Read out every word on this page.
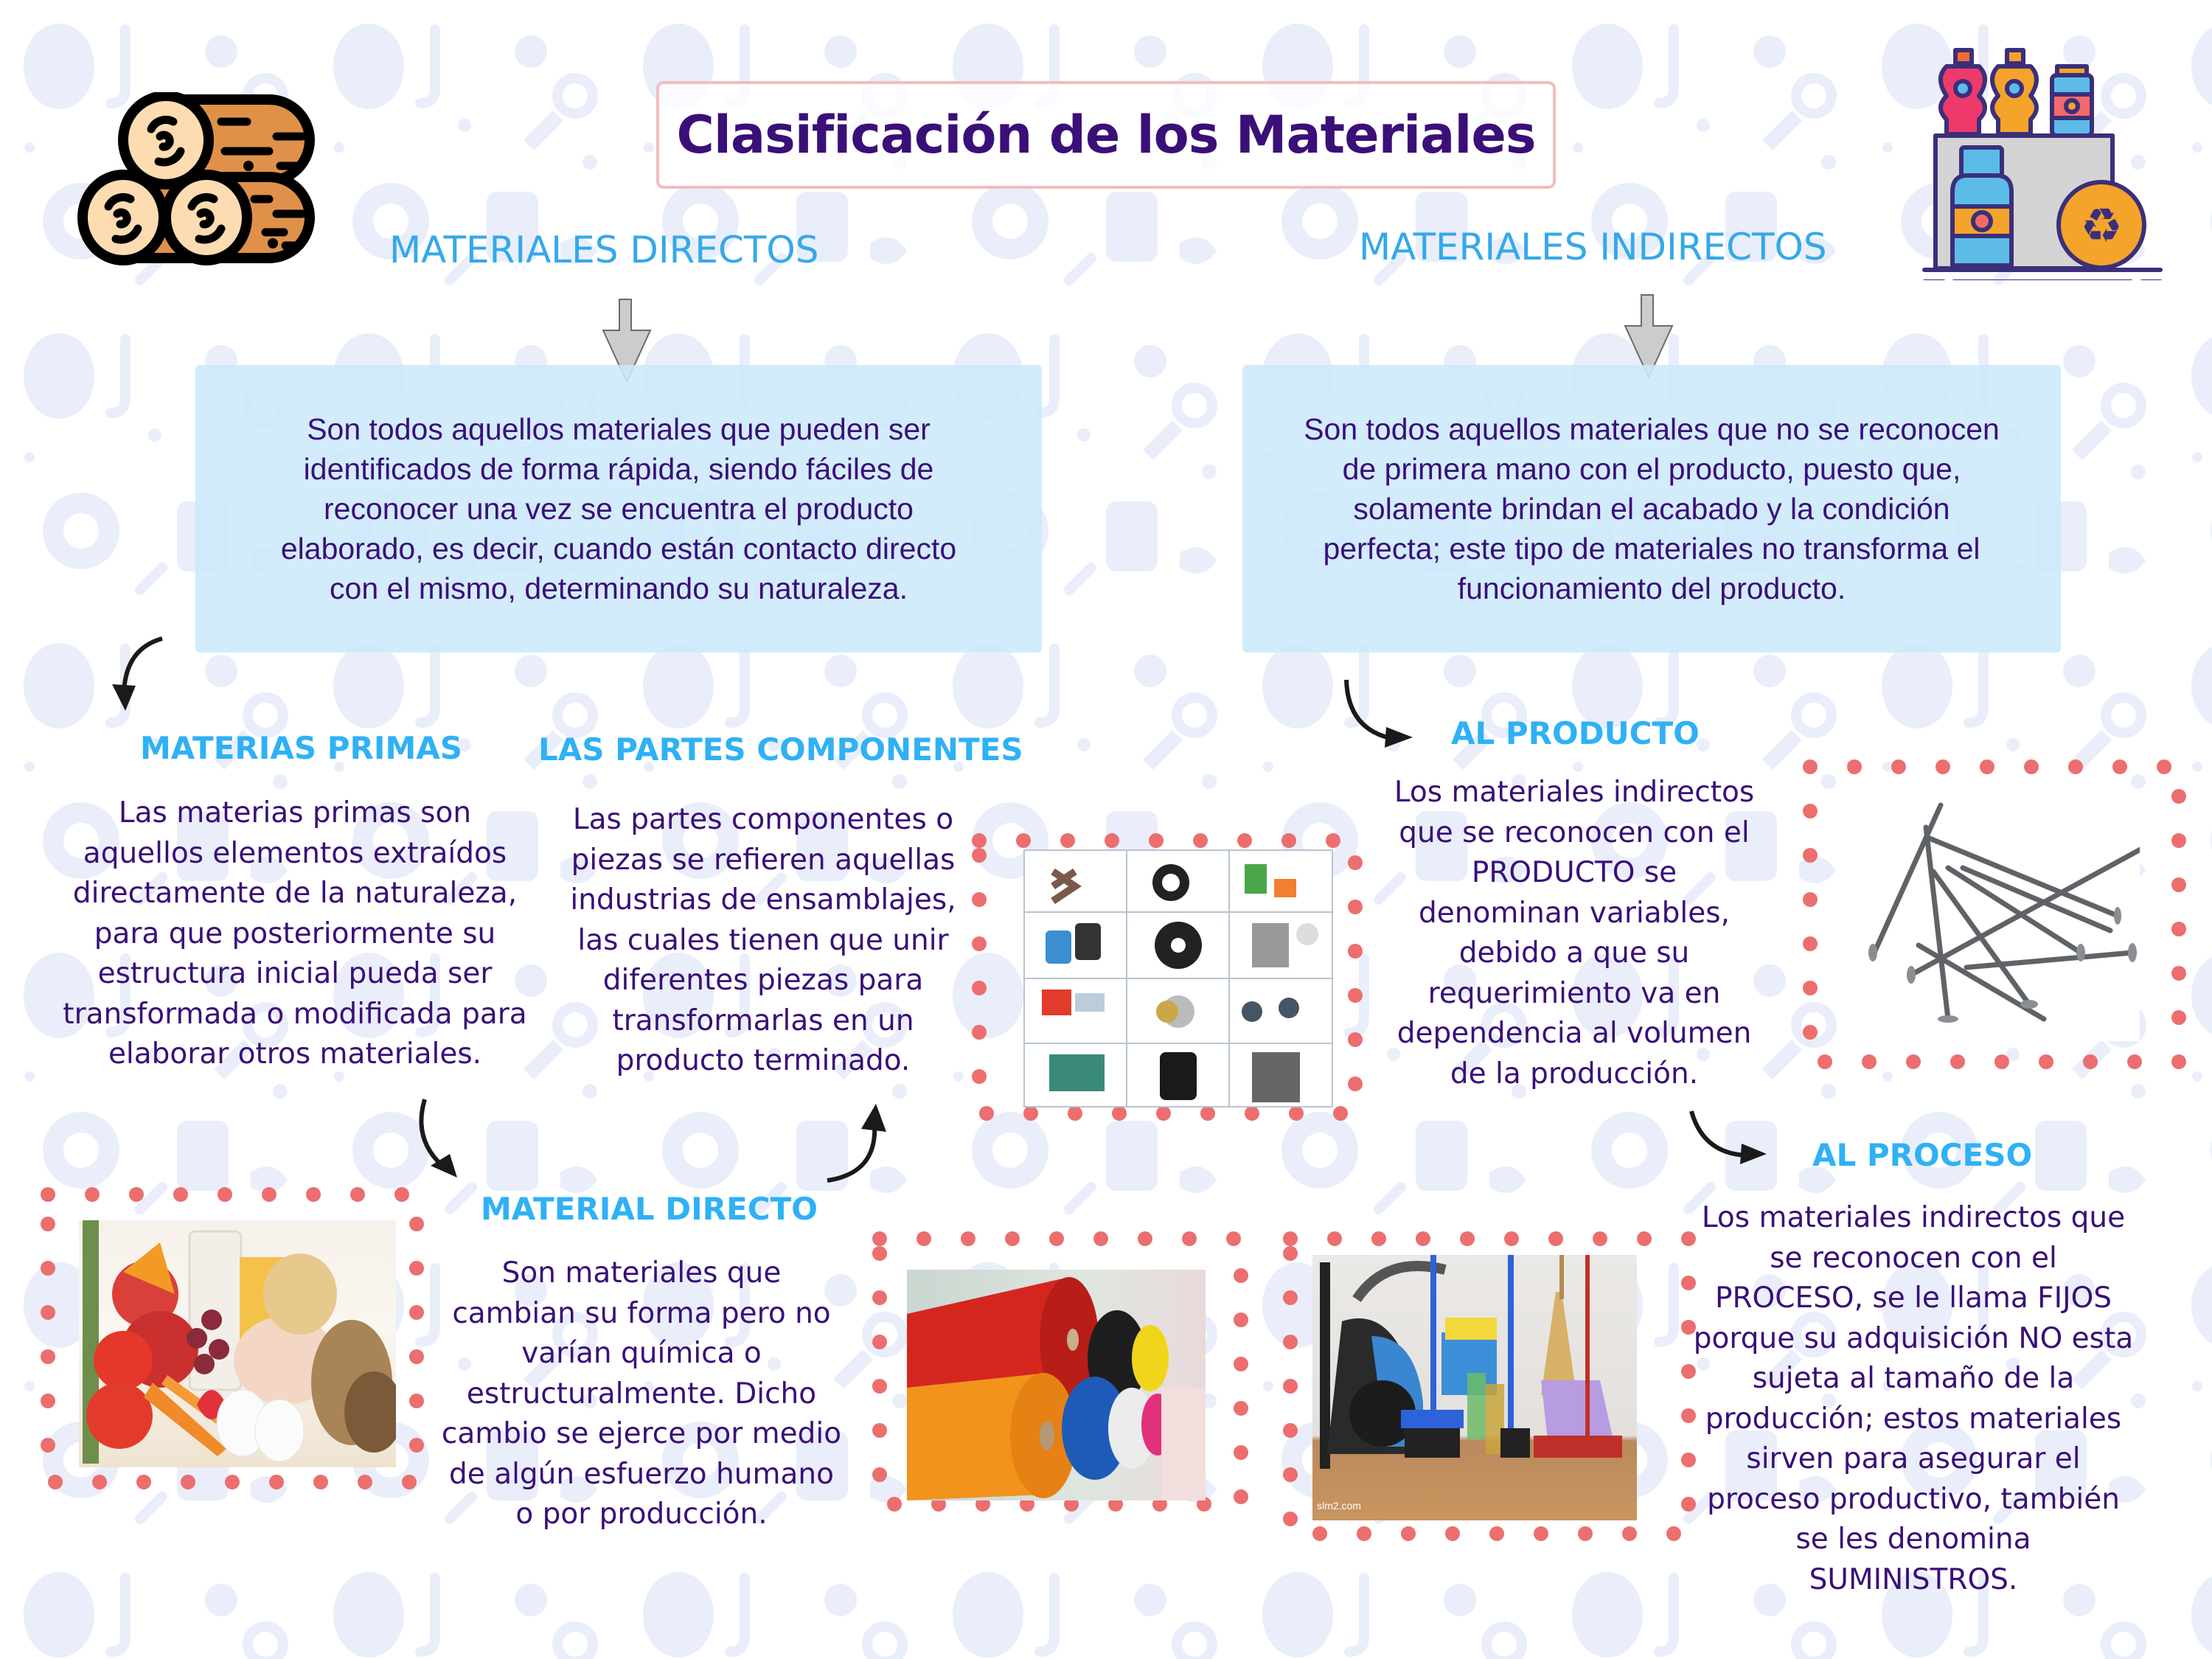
Clasificación de los Materiales
♻
MATERIALES DIRECTOS	MATERIALES INDIRECTOS
Son todos aquellos materiales que pueden ser
identificados de forma rápida, siendo fáciles de
reconocer una vez se encuentra el producto
elaborado, es decir, cuando están contacto directo
con el mismo, determinando su naturaleza.
Son todos aquellos materiales que no se reconocen
de primera mano con el producto, puesto que,
solamente brindan el acabado y la condición
perfecta; este tipo de materiales no transforma el
funcionamiento del producto.
MATERIAS PRIMAS
Las materias primas son
aquellos elementos extraídos
directamente de la naturaleza,
para que posteriormente su
estructura inicial pueda ser
transformada o modificada para
elaborar otros materiales.
LAS PARTES COMPONENTES
Las partes componentes o
piezas se refieren aquellas
industrias de ensamblajes,
las cuales tienen que unir
diferentes piezas para
transformarlas en un
producto terminado.
MATERIAL DIRECTO
Son materiales que
cambian su forma pero no
varían química o
estructuralmente. Dicho
cambio se ejerce por medio
de algún esfuerzo humano
o por producción.
AL PRODUCTO
Los materiales indirectos
que se reconocen con el
PRODUCTO se
denominan variables,
debido a que su
requerimiento va en
dependencia al volumen
de la producción.
AL PROCESO
Los materiales indirectos que
se reconocen con el
PROCESO, se le llama FIJOS
porque su adquisición NO esta
sujeta al tamaño de la
producción; estos materiales
sirven para asegurar el
proceso productivo, también
se les denomina
SUMINISTROS.
slm2.com
